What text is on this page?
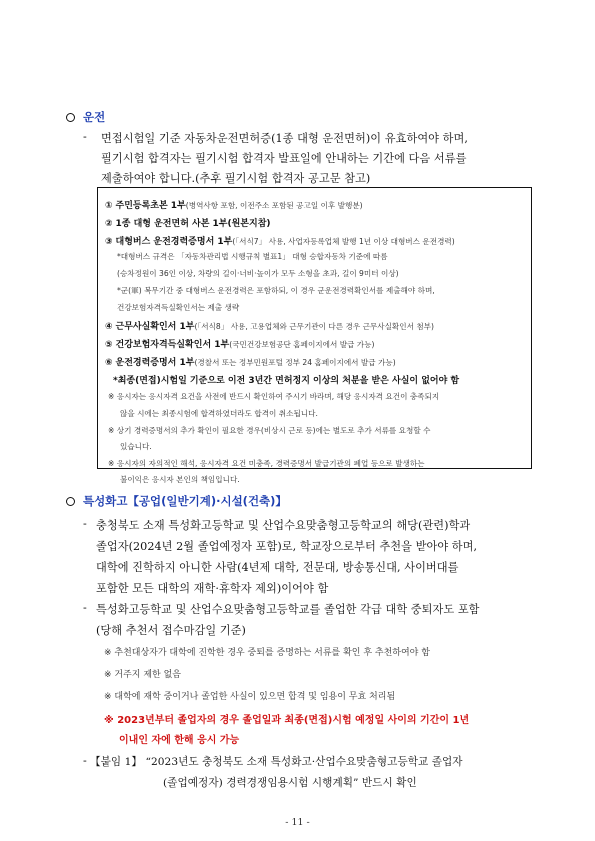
운전
- 면접시험일 기준 자동차운전면허증(1종 대형 운전면허)이 유효하여야 하며,
필기시험 합격자는 필기시험 합격자 발표일에 안내하는 기간에 다음 서류를
제출하여야 합니다.(추후 필기시험 합격자 공고문 참고)
① 주민등록초본 1부(병역사항 포함, 이전주소 포함된 공고일 이후 발행분)
② 1종 대형 운전면허 사본 1부(원본지참)
③ 대형버스 운전경력증명서 1부(「서식7」 사용, 사업자등록업체 발행 1년 이상 대형버스 운전경력)
*대형버스 규격은 「자동차관리법 시행규칙 별표1」 대형 승합자동차 기준에 따름
(승차정원이 36인 이상, 차량의 길이·너비·높이가 모두 소형을 초과, 길이 9미터 이상)
*군(軍) 복무기간 중 대형버스 운전경력은 포함하되, 이 경우 군운전경력확인서를 제출해야 하며,
건강보험자격득실확인서는 제출 생략
④ 근무사실확인서 1부(「서식8」 사용, 고용업체와 근무기관이 다른 경우 근무사실확인서 첨부)
⑤ 건강보험자격득실확인서 1부(국민건강보험공단 홈페이지에서 발급 가능)
⑥ 운전경력증명서 1부(경찰서 또는 정부민원포털 정부 24 홈페이지에서 발급 가능)
*최종(면접)시험일 기준으로 이전 3년간 면허정지 이상의 처분을 받은 사실이 없어야 함
※ 응시자는 응시자격 요건을 사전에 반드시 확인하여 주시기 바라며, 해당 응시자격 요건이 충족되지
않을 시에는 최종시험에 합격하였더라도 합격이 취소됩니다.
※ 상기 경력증명서의 추가 확인이 필요한 경우(비상시 근로 등)에는 별도로 추가 서류를 요청할 수
있습니다.
※ 응시자의 자의적인 해석, 응시자격 요건 미충족, 경력증명서 발급기관의 폐업 등으로 발생하는
불이익은 응시자 본인의 책임입니다.
특성화고【공업(일반기계)·시설(건축)】
- 충청북도 소재 특성화고등학교 및 산업수요맞춤형고등학교의 해당(관련)학과
졸업자(2024년 2월 졸업예정자 포함)로, 학교장으로부터 추천을 받아야 하며,
대학에 진학하지 아니한 사람(4년제 대학, 전문대, 방송통신대, 사이버대를
포함한 모든 대학의 재학·휴학자 제외)이어야 함
- 특성화고등학교 및 산업수요맞춤형고등학교를 졸업한 각급 대학 중퇴자도 포함
(당해 추천서 접수마감일 기준)
※ 추천대상자가 대학에 진학한 경우 중퇴를 증명하는 서류를 확인 후 추천하여야 함
※ 거주지 제한 없음
※ 대학에 재학 중이거나 졸업한 사실이 있으면 합격 및 임용이 무효 처리됨
※ 2023년부터 졸업자의 경우 졸업일과 최종(면접)시험 예정일 사이의 기간이 1년
이내인 자에 한해 응시 가능
- 【붙임 1】 “2023년도 충청북도 소재 특성화고·산업수요맞춤형고등학교 졸업자
(졸업예정자) 경력경쟁임용시험 시행계획” 반드시 확인
- 11 -
